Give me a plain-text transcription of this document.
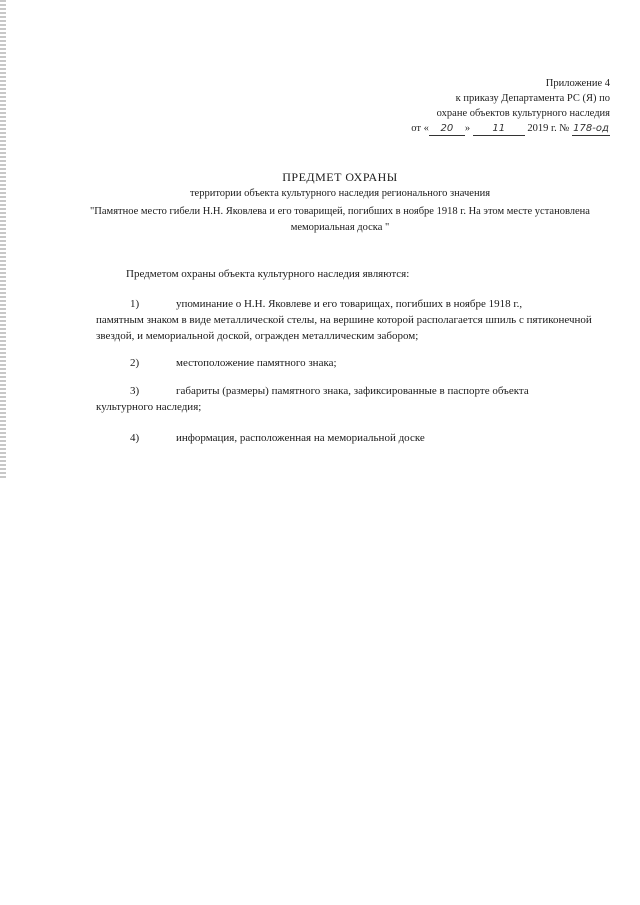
Приложение 4
к приказу Департамента РС (Я) по
охране объектов культурного наследия
от « 20 » 11 2019 г. № 178-од
ПРЕДМЕТ ОХРАНЫ
территории объекта культурного наследия регионального значения
"Памятное место гибели Н.Н. Яковлева и его товарищей, погибших в ноябре 1918 г. На этом месте установлена мемориальная доска "
Предметом охраны объекта культурного наследия являются:
1)	упоминание о Н.Н. Яковлеве и его товарищах, погибших в ноябре 1918 г.,
памятным знаком в виде металлической стелы, на вершине которой располагается шпиль с пятиконечной звездой, и мемориальной доской, огражден металлическим забором;
2)	местоположение памятного знака;
3)	габариты (размеры) памятного знака, зафиксированные в паспорте объекта
культурного наследия;
4)	информация, расположенная на мемориальной доске
